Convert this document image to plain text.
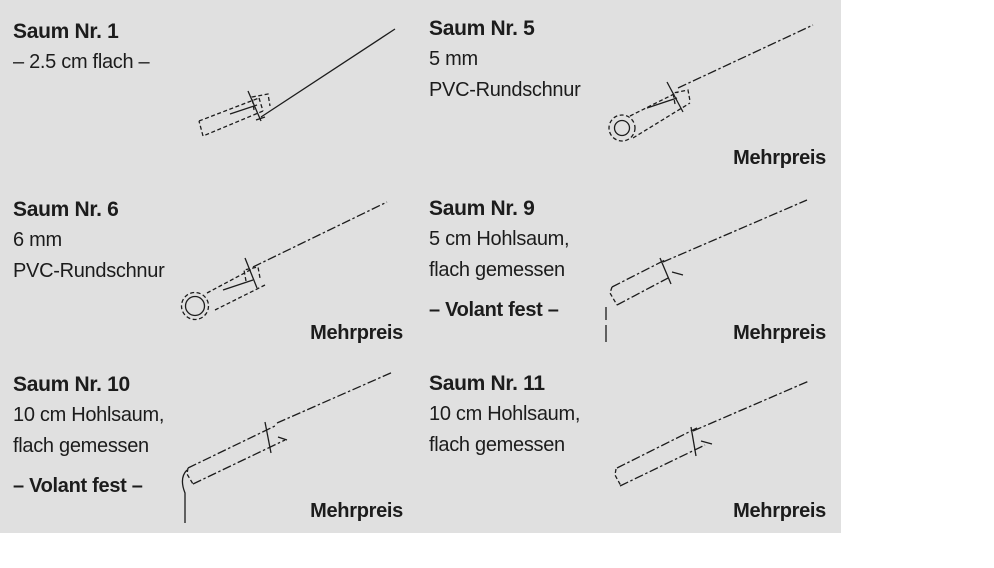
Saum Nr. 1

– 2.5 cm flach –

Saum Nr. 5

5 mm

PVC-Rundschnur

Mehrpreis
Saum Nr. 6

6 mm

PVC-Rundschnur

Mehrpreis
Saum Nr. 9

5 cm Hohlsaum,

flach gemessen

– Volant fest –

Mehrpreis
Saum Nr. 10

10 cm Hohlsaum,

flach gemessen

– Volant fest –

Mehrpreis
Saum Nr. 11

10 cm Hohlsaum,

flach gemessen

Mehrpreis
